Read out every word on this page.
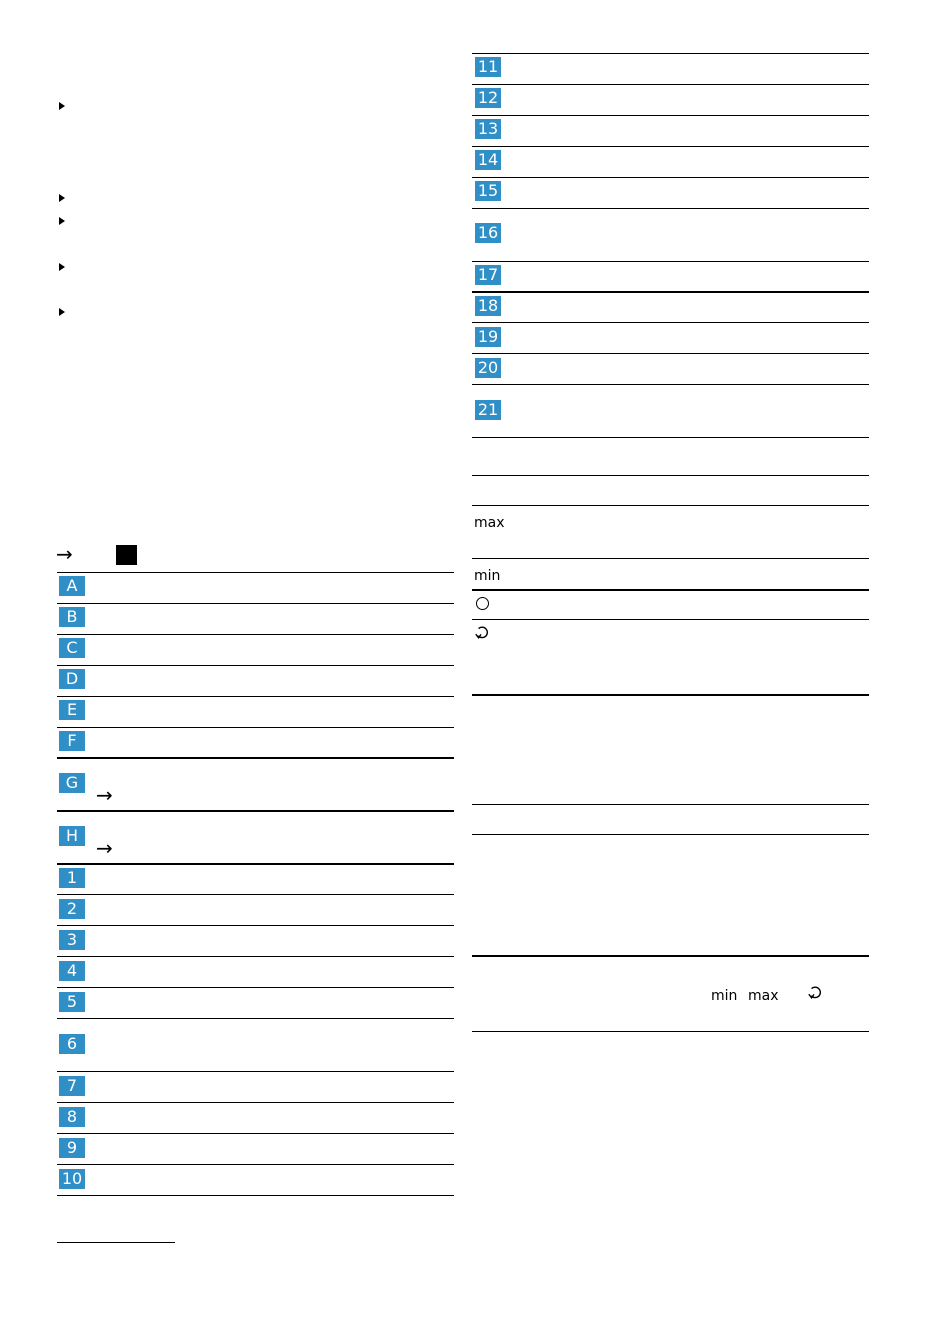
→
A
B
C
D
E
F
G
H
1
2
3
4
5
6
7
8
9
10
→
→
11
12
13
14
15
16
17
18
19
20
21
max
min
min max
